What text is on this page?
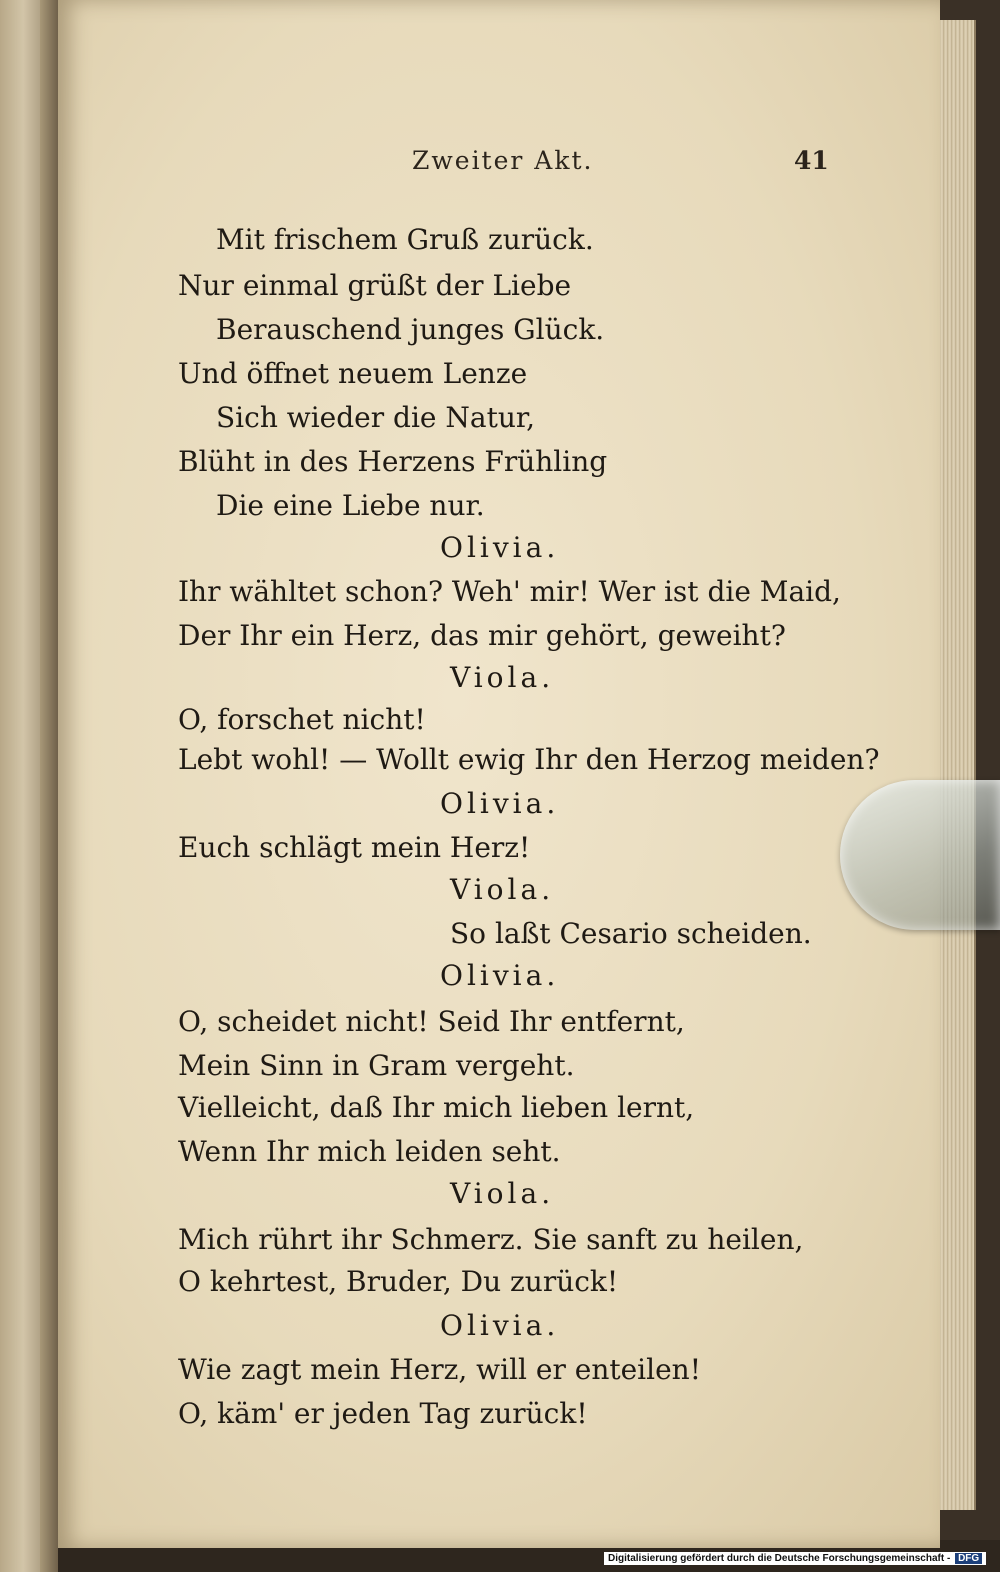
Zweiter Akt.	41
Mit frischem Gruß zurück.
Nur einmal grüßt der Liebe
Berauschend junges Glück.
Und öffnet neuem Lenze
Sich wieder die Natur,
Blüht in des Herzens Frühling
Die eine Liebe nur.
Olivia.
Ihr wähltet schon? Weh' mir! Wer ist die Maid,
Der Ihr ein Herz, das mir gehört, geweiht?
Viola.
O, forschet nicht!
Lebt wohl! — Wollt ewig Ihr den Herzog meiden?
Olivia.
Euch schlägt mein Herz!
Viola.
So laßt Cesario scheiden.
Olivia.
O, scheidet nicht! Seid Ihr entfernt,
Mein Sinn in Gram vergeht.
Vielleicht, daß Ihr mich lieben lernt,
Wenn Ihr mich leiden seht.
Viola.
Mich rührt ihr Schmerz. Sie sanft zu heilen,
O kehrtest, Bruder, Du zurück!
Olivia.
Wie zagt mein Herz, will er enteilen!
O, käm' er jeden Tag zurück!
Digitalisierung gefördert durch die Deutsche Forschungsgemeinschaft - DFG
